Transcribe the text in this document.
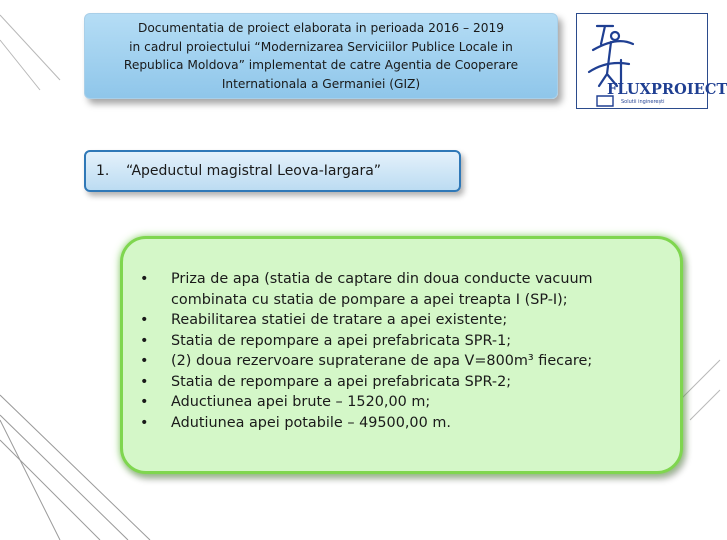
Documentatia de proiect elaborata in perioada 2016 – 2019
in cadrul proiectului “Modernizarea Serviciilor Publice Locale in
Republica Moldova” implementat de catre Agentia de Cooperare
Internationala a Germaniei (GIZ)	FLUXPROIECT
Solutii inginerești
1.	“Apeductul magistral Leova-Iargara”
• Priza de apa (statia de captare din doua conducte vacuum combinata cu statia de pompare a apei treapta I (SP-I);
• Reabilitarea statiei de tratare a apei existente;
• Statia de repompare a apei prefabricata SPR-1;
• (2) doua rezervoare supraterane de apa V=800m³ fiecare;
• Statia de repompare a apei prefabricata SPR-2;
• Aductiunea apei brute – 1520,00 m;
• Adutiunea apei potabile – 49500,00 m.
